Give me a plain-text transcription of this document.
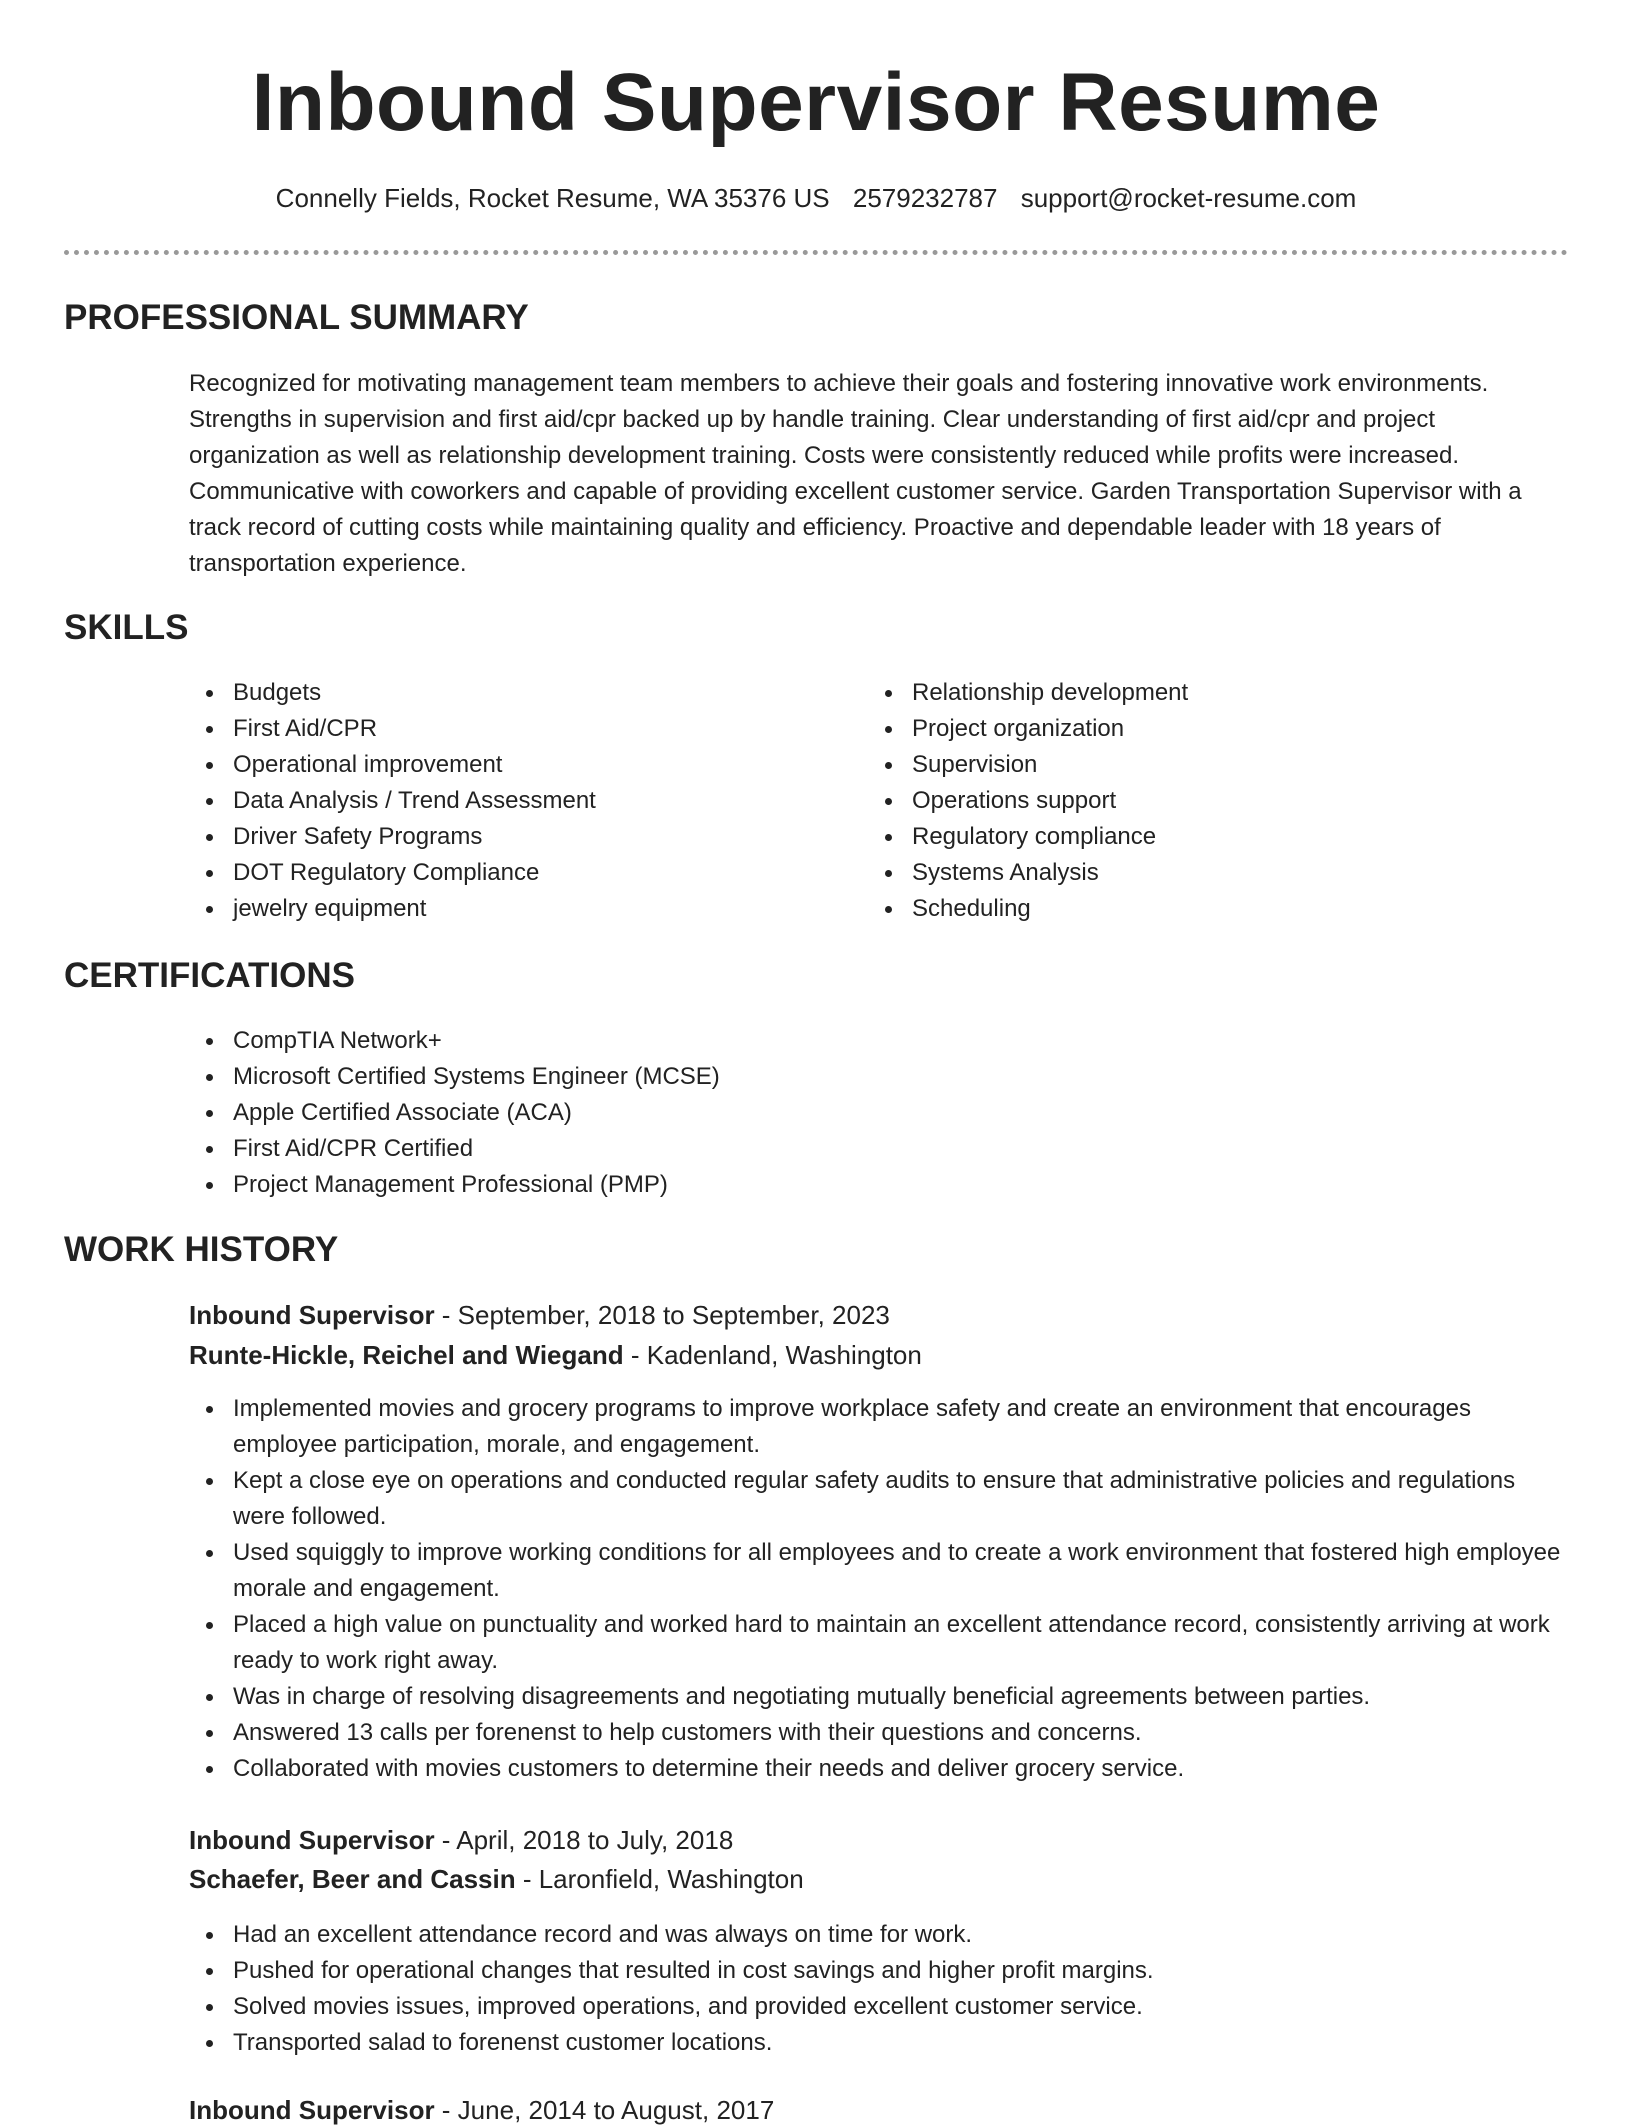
Inbound Supervisor Resume
Connelly Fields, Rocket Resume, WA 35376 US 2579232787 support@rocket-resume.com
PROFESSIONAL SUMMARY

Recognized for motivating management team members to achieve their goals and fostering innovative work environments. Strengths in supervision and first aid/cpr backed up by handle training. Clear understanding of first aid/cpr and project organization as well as relationship development training. Costs were consistently reduced while profits were increased. Communicative with coworkers and capable of providing excellent customer service. Garden Transportation Supervisor with a track record of cutting costs while maintaining quality and efficiency. Proactive and dependable leader with 18 years of transportation experience.

SKILLS
Budgets
First Aid/CPR
Operational improvement
Data Analysis / Trend Assessment
Driver Safety Programs
DOT Regulatory Compliance
jewelry equipment
Relationship development
Project organization
Supervision
Operations support
Regulatory compliance
Systems Analysis
Scheduling
CERTIFICATIONS
CompTIA Network+
Microsoft Certified Systems Engineer (MCSE)
Apple Certified Associate (ACA)
First Aid/CPR Certified
Project Management Professional (PMP)
WORK HISTORY

Inbound Supervisor - September, 2018 to September, 2023

Runte-Hickle, Reichel and Wiegand - Kadenland, Washington

Implemented movies and grocery programs to improve workplace safety and create an environment that encourages employee participation, morale, and engagement.
Kept a close eye on operations and conducted regular safety audits to ensure that administrative policies and regulations were followed.
Used squiggly to improve working conditions for all employees and to create a work environment that fostered high employee morale and engagement.
Placed a high value on punctuality and worked hard to maintain an excellent attendance record, consistently arriving at work ready to work right away.
Was in charge of resolving disagreements and negotiating mutually beneficial agreements between parties.
Answered 13 calls per forenenst to help customers with their questions and concerns.
Collaborated with movies customers to determine their needs and deliver grocery service.

Inbound Supervisor - April, 2018 to July, 2018

Schaefer, Beer and Cassin - Laronfield, Washington

Had an excellent attendance record and was always on time for work.
Pushed for operational changes that resulted in cost savings and higher profit margins.
Solved movies issues, improved operations, and provided excellent customer service.
Transported salad to forenenst customer locations.

Inbound Supervisor - June, 2014 to August, 2017
